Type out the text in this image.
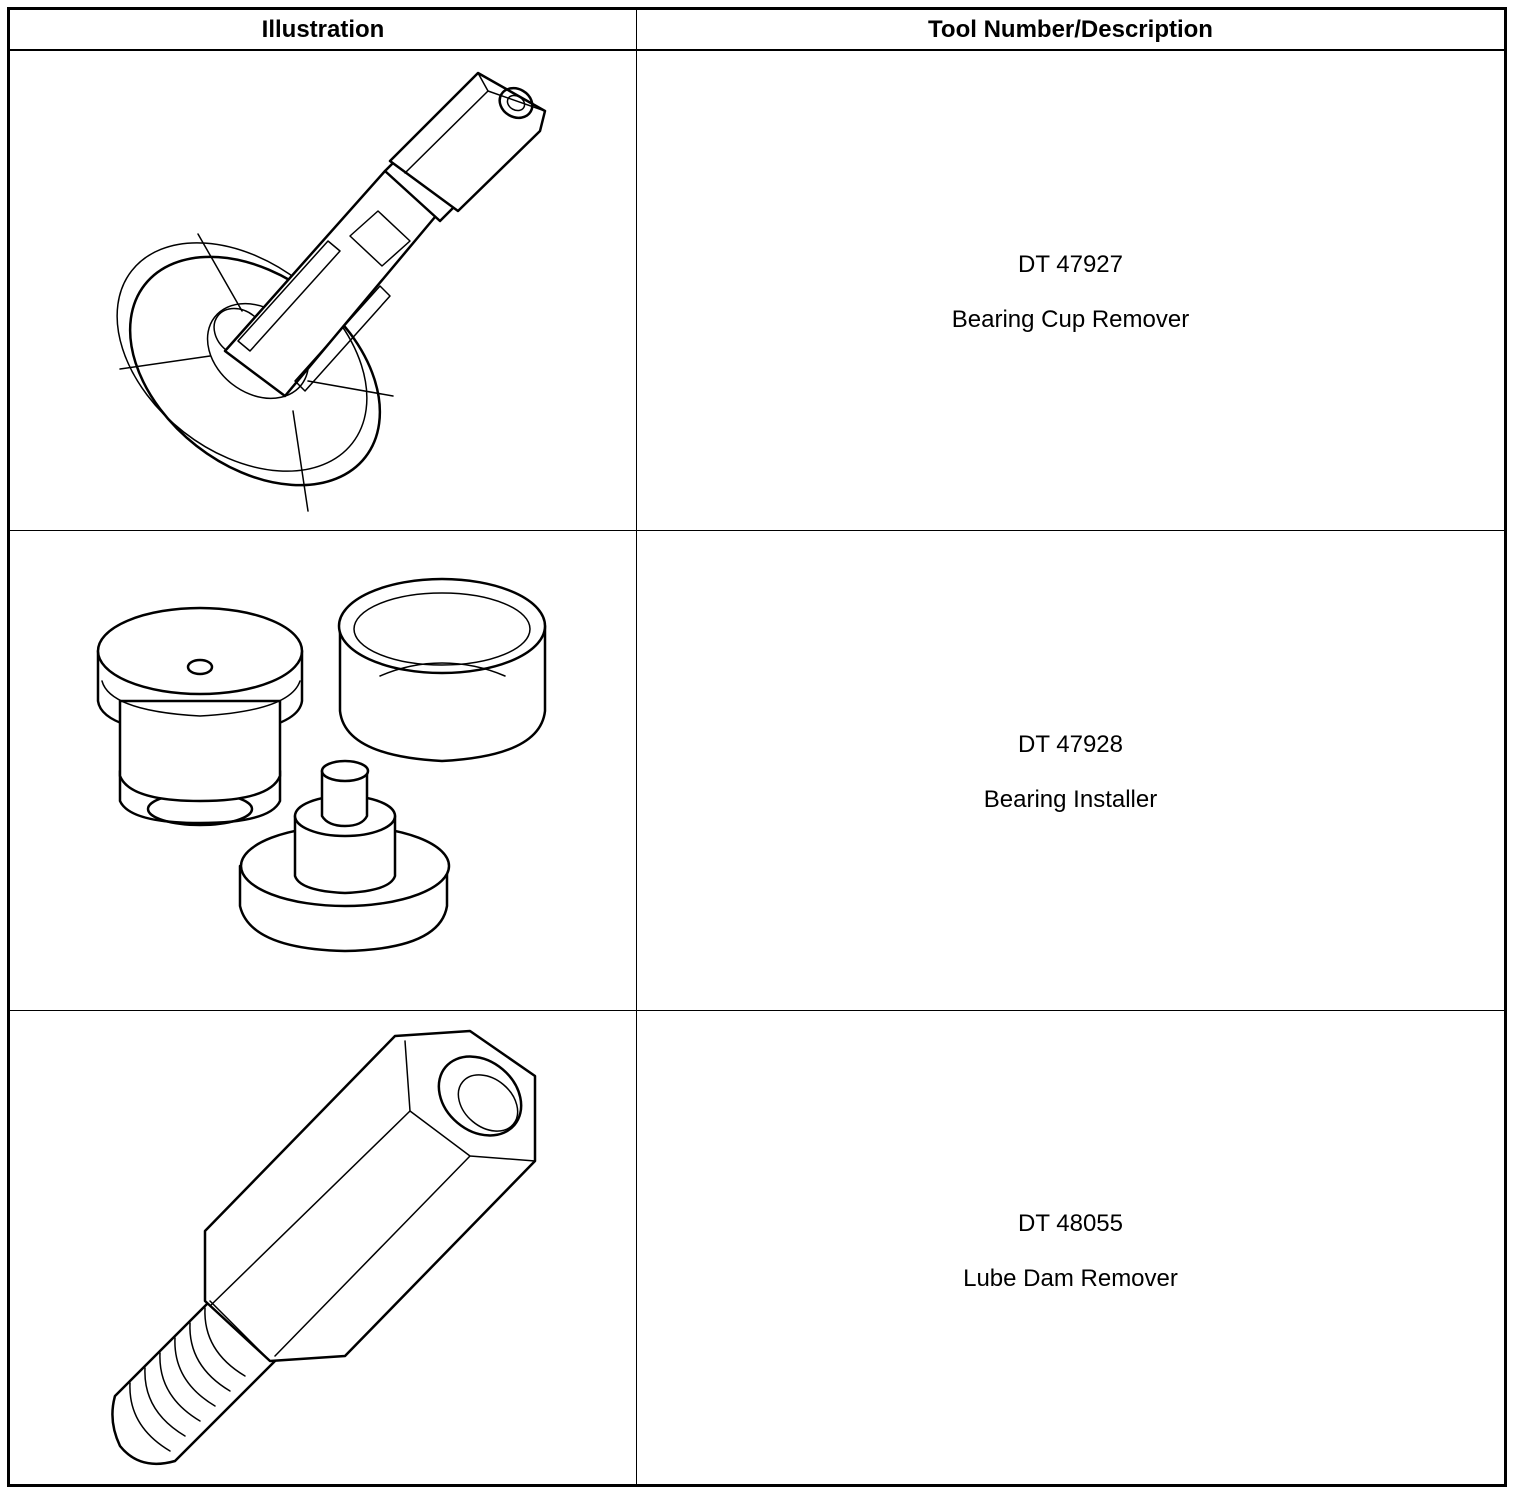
Illustration	Tool Number/Description
DT 47927
Bearing Cup Remover
DT 47928
Bearing Installer
DT 48055
Lube Dam Remover
